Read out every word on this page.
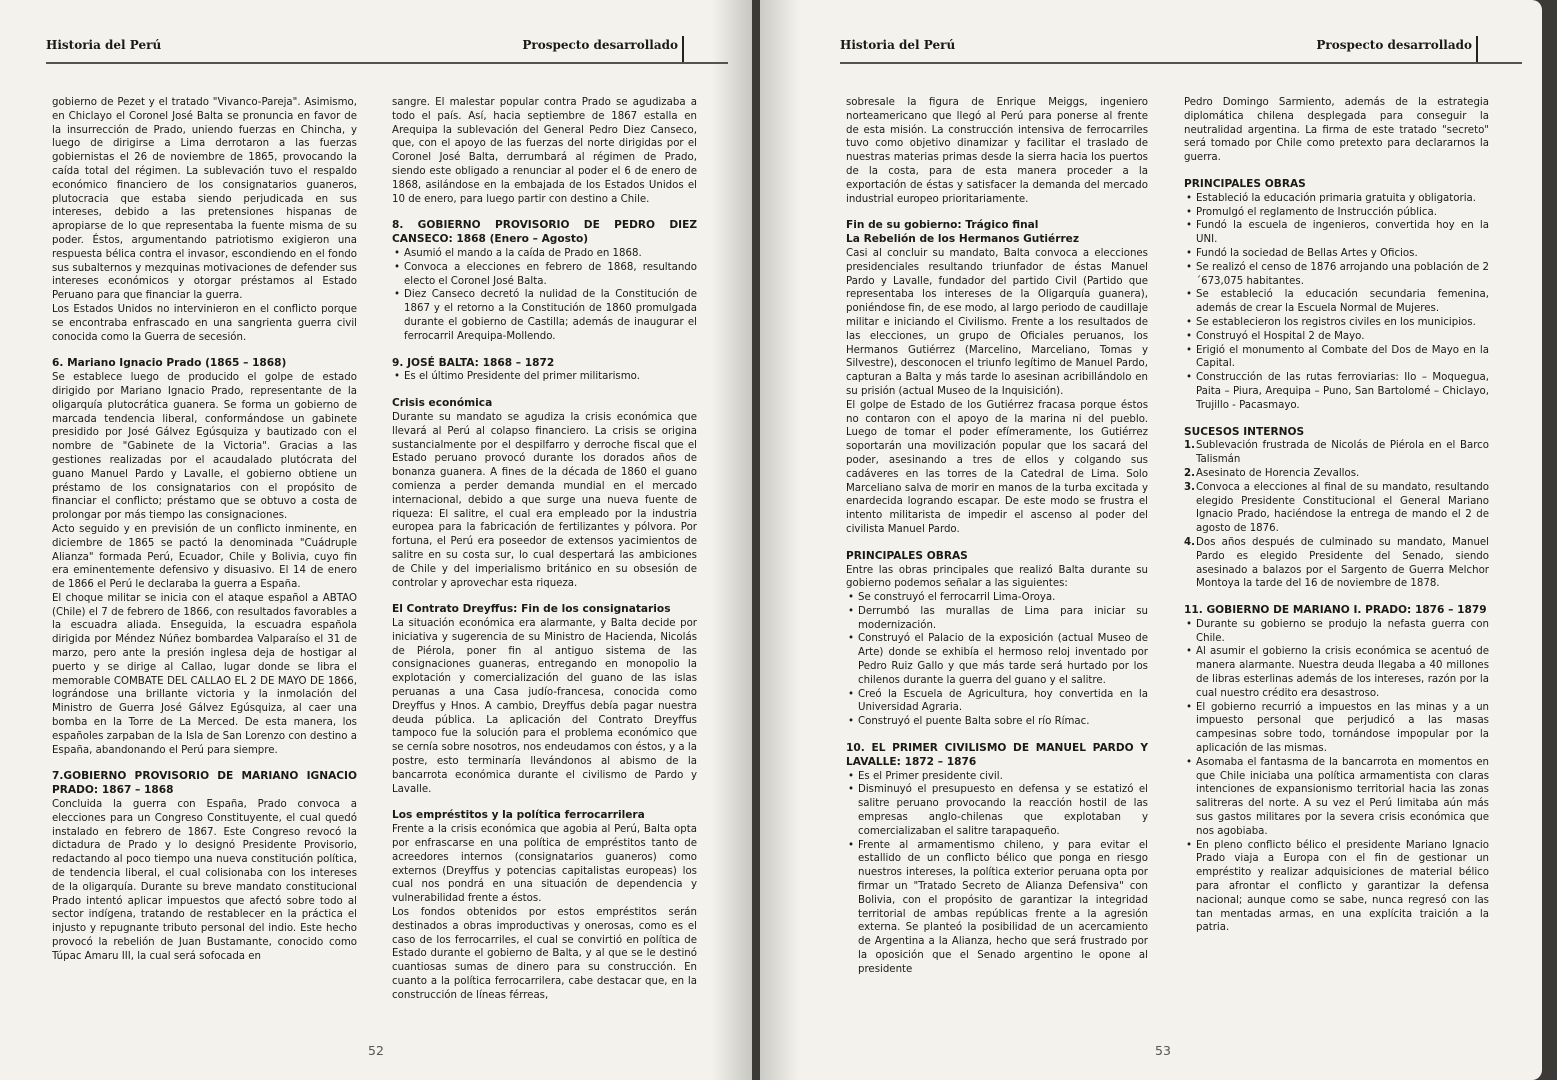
Historia del Perú	Prospecto desarrollado

gobierno de Pezet y el tratado "Vivanco-Pareja". Asimismo, en Chiclayo el Coronel José Balta se pronuncia en favor de la insurrección de Prado, uniendo fuerzas en Chincha, y luego de dirigirse a Lima derrotaron a las fuerzas gobiernistas el 26 de noviembre de 1865, provocando la caída total del régimen. La sublevación tuvo el respaldo económico financiero de los consignatarios guaneros, plutocracia que estaba siendo perjudicada en sus intereses, debido a las pretensiones hispanas de apropiarse de lo que representaba la fuente misma de su poder. Éstos, argumentando patriotismo exigieron una respuesta bélica contra el invasor, escondiendo en el fondo sus subalternos y mezquinas motivaciones de defender sus intereses económicos y otorgar préstamos al Estado Peruano para que financiar la guerra.

Los Estados Unidos no intervinieron en el conflicto porque se encontraba enfrascado en una sangrienta guerra civil conocida como la Guerra de secesión.

6. Mariano Ignacio Prado (1865 – 1868)

Se establece luego de producido el golpe de estado dirigido por Mariano Ignacio Prado, representante de la oligarquía plutocrática guanera. Se forma un gobierno de marcada tendencia liberal, conformándose un gabinete presidido por José Gálvez Egúsquiza y bautizado con el nombre de "Gabinete de la Victoria". Gracias a las gestiones realizadas por el acaudalado plutócrata del guano Manuel Pardo y Lavalle, el gobierno obtiene un préstamo de los consignatarios con el propósito de financiar el conflicto; préstamo que se obtuvo a costa de prolongar por más tiempo las consignaciones.

Acto seguido y en previsión de un conflicto inminente, en diciembre de 1865 se pactó la denominada "Cuádruple Alianza" formada Perú, Ecuador, Chile y Bolivia, cuyo fin era eminentemente defensivo y disuasivo. El 14 de enero de 1866 el Perú le declaraba la guerra a España.

El choque militar se inicia con el ataque español a ABTAO (Chile) el 7 de febrero de 1866, con resultados favorables a la escuadra aliada. Enseguida, la escuadra española dirigida por Méndez Núñez bombardea Valparaíso el 31 de marzo, pero ante la presión inglesa deja de hostigar al puerto y se dirige al Callao, lugar donde se libra el memorable COMBATE DEL CALLAO EL 2 DE MAYO DE 1866, lográndose una brillante victoria y la inmolación del Ministro de Guerra José Gálvez Egúsquiza, al caer una bomba en la Torre de La Merced. De esta manera, los españoles zarpaban de la Isla de San Lorenzo con destino a España, abandonando el Perú para siempre.

7.GOBIERNO PROVISORIO DE MARIANO IGNACIO PRADO: 1867 – 1868

Concluida la guerra con España, Prado convoca a elecciones para un Congreso Constituyente, el cual quedó instalado en febrero de 1867. Este Congreso revocó la dictadura de Prado y lo designó Presidente Provisorio, redactando al poco tiempo una nueva constitución política, de tendencia liberal, el cual colisionaba con los intereses de la oligarquía. Durante su breve mandato constitucional Prado intentó aplicar impuestos que afectó sobre todo al sector indígena, tratando de restablecer en la práctica el injusto y repugnante tributo personal del indio. Este hecho provocó la rebelión de Juan Bustamante, conocido como Túpac Amaru III, la cual será sofocada en

sangre. El malestar popular contra Prado se agudizaba a todo el país. Así, hacia septiembre de 1867 estalla en Arequipa la sublevación del General Pedro Diez Canseco, que, con el apoyo de las fuerzas del norte dirigidas por el Coronel José Balta, derrumbará al régimen de Prado, siendo este obligado a renunciar al poder el 6 de enero de 1868, asilándose en la embajada de los Estados Unidos el 10 de enero, para luego partir con destino a Chile.

8. GOBIERNO PROVISORIO DE PEDRO DIEZ CANSECO: 1868 (Enero – Agosto)
• Asumió el mando a la caída de Prado en 1868.
• Convoca a elecciones en febrero de 1868, resultando electo el Coronel José Balta.
• Diez Canseco decretó la nulidad de la Constitución de 1867 y el retorno a la Constitución de 1860 promulgada durante el gobierno de Castilla; además de inaugurar el ferrocarril Arequipa-Mollendo.
9. JOSÉ BALTA: 1868 – 1872
• Es el último Presidente del primer militarismo.
Crisis económica

Durante su mandato se agudiza la crisis económica que llevará al Perú al colapso financiero. La crisis se origina sustancialmente por el despilfarro y derroche fiscal que el Estado peruano provocó durante los dorados años de bonanza guanera. A fines de la década de 1860 el guano comienza a perder demanda mundial en el mercado internacional, debido a que surge una nueva fuente de riqueza: El salitre, el cual era empleado por la industria europea para la fabricación de fertilizantes y pólvora. Por fortuna, el Perú era poseedor de extensos yacimientos de salitre en su costa sur, lo cual despertará las ambiciones de Chile y del imperialismo británico en su obsesión de controlar y aprovechar esta riqueza.

El Contrato Dreyffus: Fin de los consignatarios

La situación económica era alarmante, y Balta decide por iniciativa y sugerencia de su Ministro de Hacienda, Nicolás de Piérola, poner fin al antiguo sistema de las consignaciones guaneras, entregando en monopolio la explotación y comercialización del guano de las islas peruanas a una Casa judío-francesa, conocida como Dreyffus y Hnos. A cambio, Dreyffus debía pagar nuestra deuda pública. La aplicación del Contrato Dreyffus tampoco fue la solución para el problema económico que se cernía sobre nosotros, nos endeudamos con éstos, y a la postre, esto terminaría llevándonos al abismo de la bancarrota económica durante el civilismo de Pardo y Lavalle.

Los empréstitos y la política ferrocarrilera

Frente a la crisis económica que agobia al Perú, Balta opta por enfrascarse en una política de empréstitos tanto de acreedores internos (consignatarios guaneros) como externos (Dreyffus y potencias capitalistas europeas) los cual nos pondrá en una situación de dependencia y vulnerabilidad frente a éstos.

Los fondos obtenidos por estos empréstitos serán destinados a obras improductivas y onerosas, como es el caso de los ferrocarriles, el cual se convirtió en política de Estado durante el gobierno de Balta, y al que se le destinó cuantiosas sumas de dinero para su construcción. En cuanto a la política ferrocarrilera, cabe destacar que, en la construcción de líneas férreas,

52
Historia del Perú	Prospecto desarrollado

sobresale la figura de Enrique Meiggs, ingeniero norteamericano que llegó al Perú para ponerse al frente de esta misión. La construcción intensiva de ferrocarriles tuvo como objetivo dinamizar y facilitar el traslado de nuestras materias primas desde la sierra hacia los puertos de la costa, para de esta manera proceder a la exportación de éstas y satisfacer la demanda del mercado industrial europeo prioritariamente.

Fin de su gobierno: Trágico final
La Rebelión de los Hermanos Gutiérrez

Casi al concluir su mandato, Balta convoca a elecciones presidenciales resultando triunfador de éstas Manuel Pardo y Lavalle, fundador del partido Civil (Partido que representaba los intereses de la Oligarquía guanera), poniéndose fin, de ese modo, al largo periodo de caudillaje militar e iniciando el Civilismo. Frente a los resultados de las elecciones, un grupo de Oficiales peruanos, los Hermanos Gutiérrez (Marcelino, Marceliano, Tomas y Silvestre), desconocen el triunfo legítimo de Manuel Pardo, capturan a Balta y más tarde lo asesinan acribillándolo en su prisión (actual Museo de la Inquisición).

El golpe de Estado de los Gutiérrez fracasa porque éstos no contaron con el apoyo de la marina ni del pueblo. Luego de tomar el poder efímeramente, los Gutiérrez soportarán una movilización popular que los sacará del poder, asesinando a tres de ellos y colgando sus cadáveres en las torres de la Catedral de Lima. Solo Marceliano salva de morir en manos de la turba excitada y enardecida logrando escapar. De este modo se frustra el intento militarista de impedir el ascenso al poder del civilista Manuel Pardo.

PRINCIPALES OBRAS

Entre las obras principales que realizó Balta durante su gobierno podemos señalar a las siguientes:

• Se construyó el ferrocarril Lima-Oroya.
• Derrumbó las murallas de Lima para iniciar su modernización.
• Construyó el Palacio de la exposición (actual Museo de Arte) donde se exhibía el hermoso reloj inventado por Pedro Ruiz Gallo y que más tarde será hurtado por los chilenos durante la guerra del guano y el salitre.
• Creó la Escuela de Agricultura, hoy convertida en la Universidad Agraria.
• Construyó el puente Balta sobre el río Rímac.
10. EL PRIMER CIVILISMO DE MANUEL PARDO Y LAVALLE: 1872 – 1876
• Es el Primer presidente civil.
• Disminuyó el presupuesto en defensa y se estatizó el salitre peruano provocando la reacción hostil de las empresas anglo-chilenas que explotaban y comercializaban el salitre tarapaqueño.
• Frente al armamentismo chileno, y para evitar el estallido de un conflicto bélico que ponga en riesgo nuestros intereses, la política exterior peruana opta por firmar un "Tratado Secreto de Alianza Defensiva" con Bolivia, con el propósito de garantizar la integridad territorial de ambas repúblicas frente a la agresión externa. Se planteó la posibilidad de un acercamiento de Argentina a la Alianza, hecho que será frustrado por la oposición que el Senado argentino le opone al presidente

Pedro Domingo Sarmiento, además de la estrategia diplomática chilena desplegada para conseguir la neutralidad argentina. La firma de este tratado "secreto" será tomado por Chile como pretexto para declararnos la guerra.

PRINCIPALES OBRAS
• Estableció la educación primaria gratuita y obligatoria.
• Promulgó el reglamento de Instrucción pública.
• Fundó la escuela de ingenieros, convertida hoy en la UNI.
• Fundó la sociedad de Bellas Artes y Oficios.
• Se realizó el censo de 1876 arrojando una población de 2´673,075 habitantes.
• Se estableció la educación secundaria femenina, además de crear la Escuela Normal de Mujeres.
• Se establecieron los registros civiles en los municipios.
• Construyó el Hospital 2 de Mayo.
• Erigió el monumento al Combate del Dos de Mayo en la Capital.
• Construcción de las rutas ferroviarias: Ilo – Moquegua, Paita – Piura, Arequipa – Puno, San Bartolomé – Chiclayo, Trujillo - Pacasmayo.
SUCESOS INTERNOS
1. Sublevación frustrada de Nicolás de Piérola en el Barco Talismán
2. Asesinato de Horencia Zevallos.
3. Convoca a elecciones al final de su mandato, resultando elegido Presidente Constitucional el General Mariano Ignacio Prado, haciéndose la entrega de mando el 2 de agosto de 1876.
4. Dos años después de culminado su mandato, Manuel Pardo es elegido Presidente del Senado, siendo asesinado a balazos por el Sargento de Guerra Melchor Montoya la tarde del 16 de noviembre de 1878.
11. GOBIERNO DE MARIANO I. PRADO: 1876 – 1879
• Durante su gobierno se produjo la nefasta guerra con Chile.
• Al asumir el gobierno la crisis económica se acentuó de manera alarmante. Nuestra deuda llegaba a 40 millones de libras esterlinas además de los intereses, razón por la cual nuestro crédito era desastroso.
• El gobierno recurrió a impuestos en las minas y a un impuesto personal que perjudicó a las masas campesinas sobre todo, tornándose impopular por la aplicación de las mismas.
• Asomaba el fantasma de la bancarrota en momentos en que Chile iniciaba una política armamentista con claras intenciones de expansionismo territorial hacia las zonas salitreras del norte. A su vez el Perú limitaba aún más sus gastos militares por la severa crisis económica que nos agobiaba.
• En pleno conflicto bélico el presidente Mariano Ignacio Prado viaja a Europa con el fin de gestionar un empréstito y realizar adquisiciones de material bélico para afrontar el conflicto y garantizar la defensa nacional; aunque como se sabe, nunca regresó con las tan mentadas armas, en una explícita traición a la patria.
53
